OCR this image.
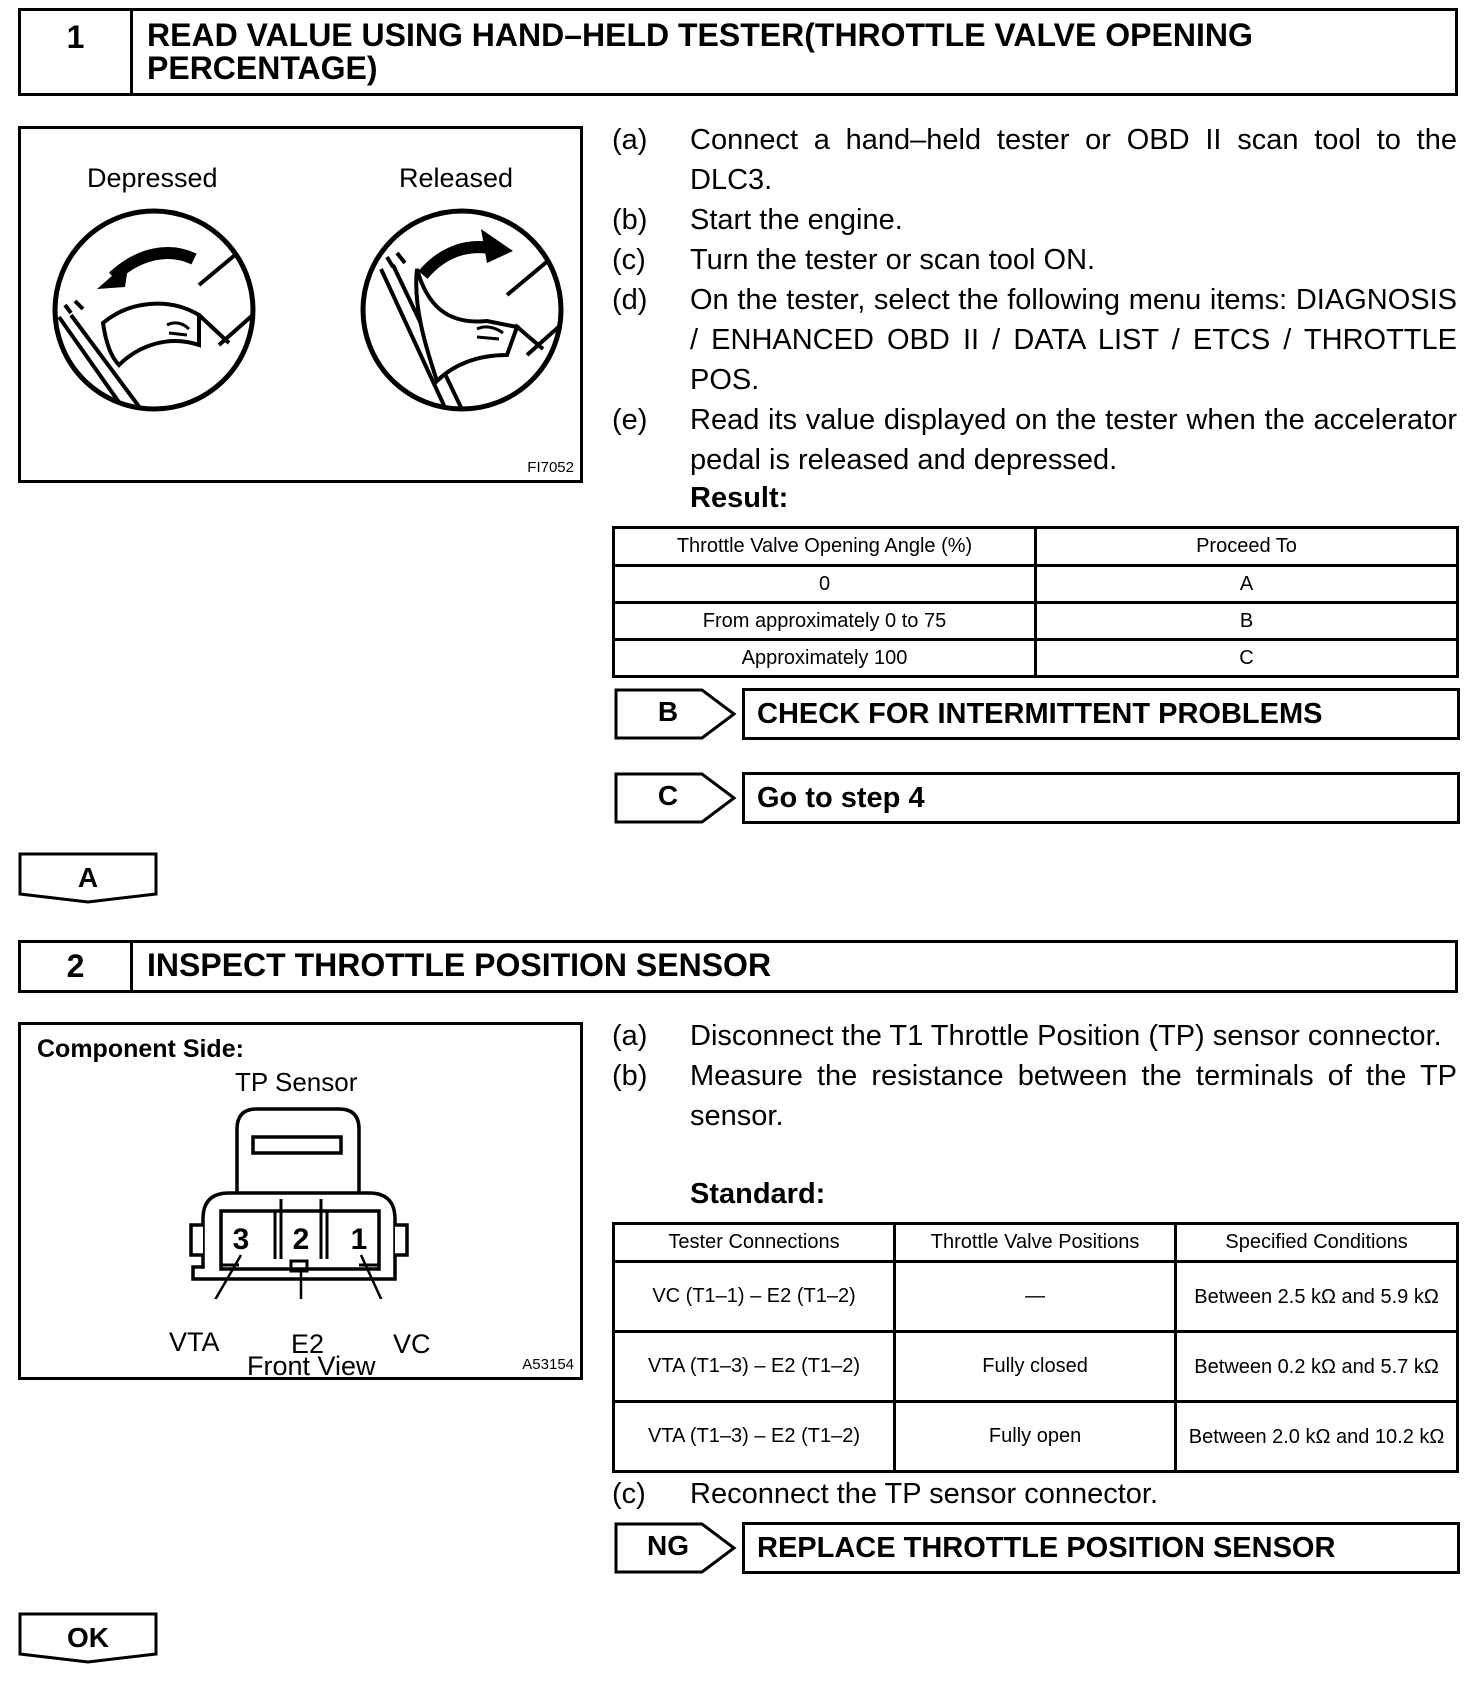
1	READ VALUE USING HAND–HELD TESTER(THROTTLE VALVE OPENING PERCENTAGE)
Depressed	Released
FI7052
(a) Connect a hand–held tester or OBD II scan tool to the DLC3.
(b) Start the engine.
(c) Turn the tester or scan tool ON.
(d) On the tester, select the following menu items: DIAGNOSIS / ENHANCED OBD II / DATA LIST / ETCS / THROTTLE POS.
(e) Read its value displayed on the tester when the accelerator pedal is released and depressed.
Result:
Throttle Valve Opening Angle (%)	Proceed To
0	A
From approximately 0 to 75	B
Approximately 100	C
B	CHECK FOR INTERMITTENT PROBLEMS
C	Go to step 4
A
2	INSPECT THROTTLE POSITION SENSOR
Component Side:
TP Sensor
3 2 1
VTA	E2	VC
Front View	A53154
(a) Disconnect the T1 Throttle Position (TP) sensor connector.
(b) Measure the resistance between the terminals of the TP sensor.
Standard:
Tester Connections	Throttle Valve Positions	Specified Conditions
VC (T1–1) – E2 (T1–2)	—	Between 2.5 kΩ and 5.9 kΩ
VTA (T1–3) – E2 (T1–2)	Fully closed	Between 0.2 kΩ and 5.7 kΩ
VTA (T1–3) – E2 (T1–2)	Fully open	Between 2.0 kΩ and 10.2 kΩ
(c) Reconnect the TP sensor connector.
NG	REPLACE THROTTLE POSITION SENSOR
OK
